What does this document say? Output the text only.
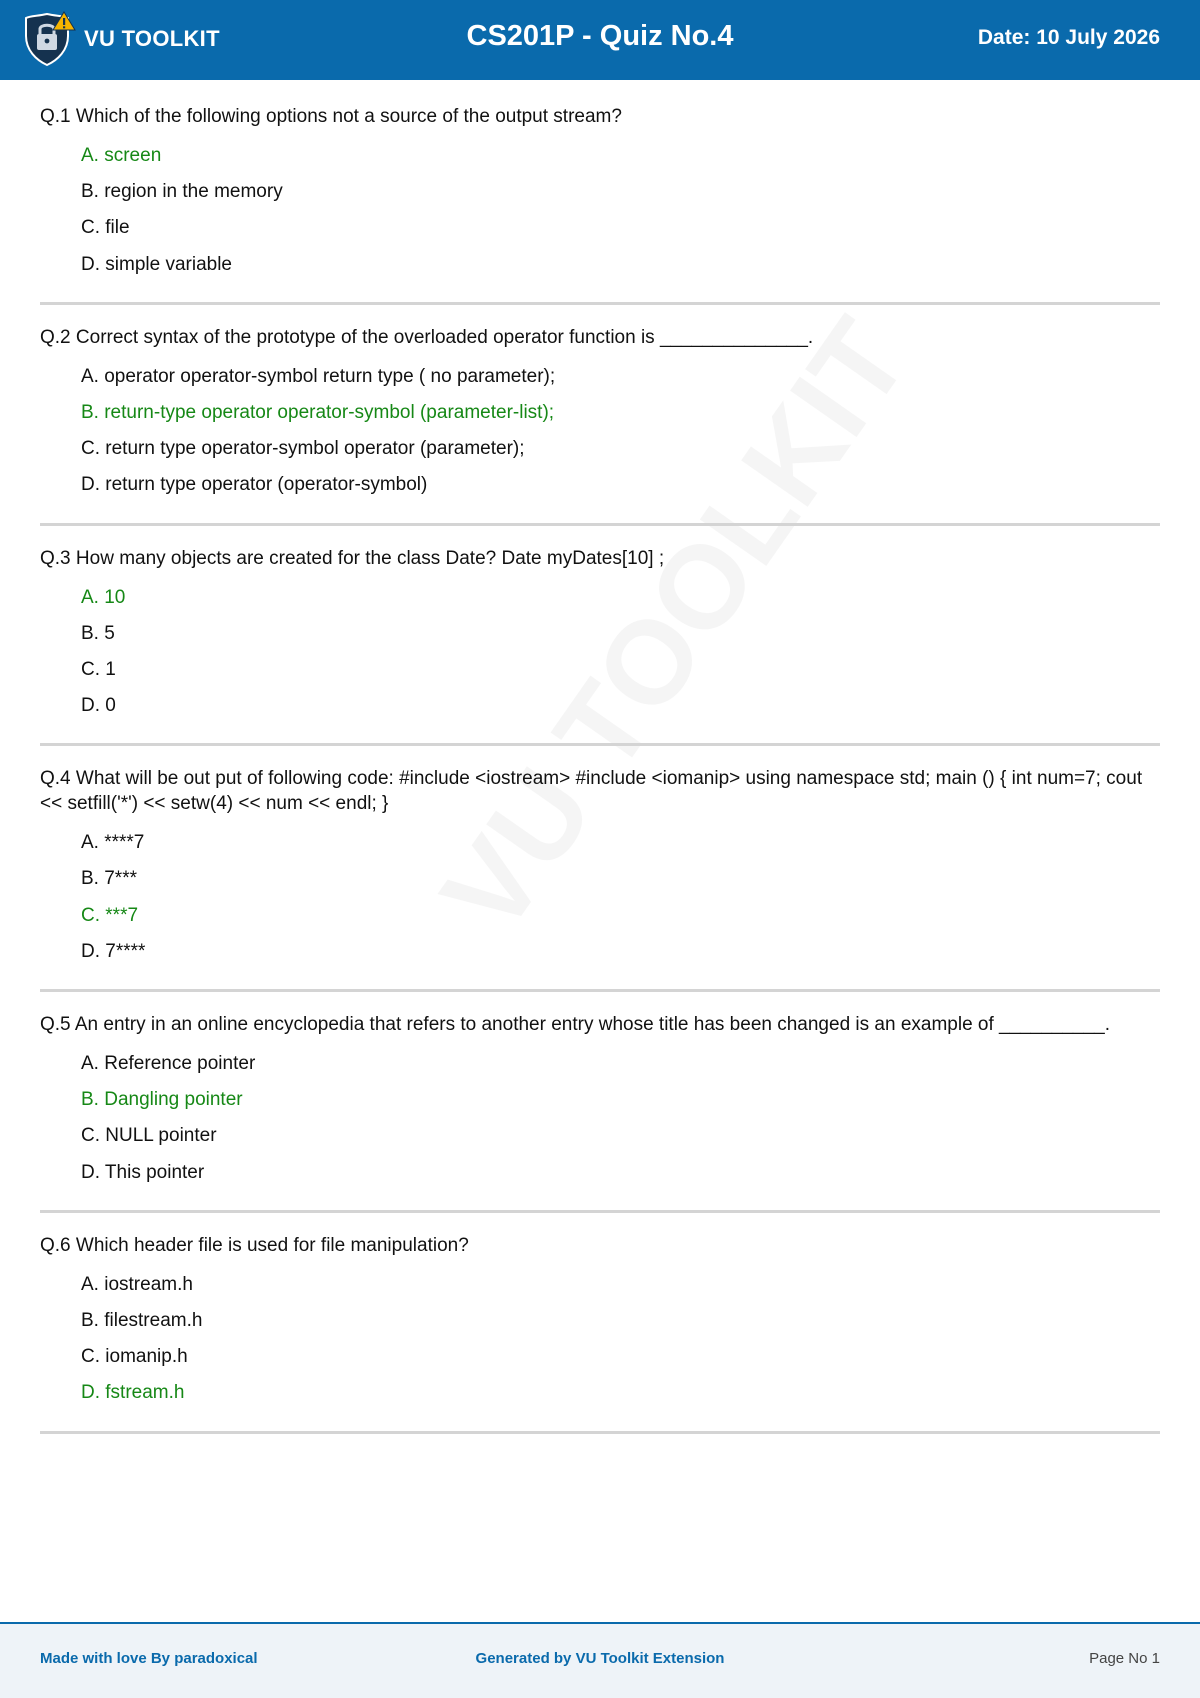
VU TOOLKIT	CS201P - Quiz No.4	Date: 10 July 2026
Q.1 Which of the following options not a source of the output stream?
A. screen
B. region in the memory
C. file
D. simple variable
Q.2 Correct syntax of the prototype of the overloaded operator function is ______________.
A. operator operator-symbol return type ( no parameter);
B. return-type operator operator-symbol (parameter-list);
C. return type operator-symbol operator (parameter);
D. return type operator (operator-symbol)
Q.3 How many objects are created for the class Date? Date myDates[10] ;
A. 10
B. 5
C. 1
D. 0
Q.4 What will be out put of following code: #include <iostream> #include <iomanip> using namespace std; main () { int num=7; cout << setfill('*') << setw(4) << num << endl; }
A. ****7
B. 7***
C. ***7
D. 7****
Q.5 An entry in an online encyclopedia that refers to another entry whose title has been changed is an example of __________.
A. Reference pointer
B. Dangling pointer
C. NULL pointer
D. This pointer
Q.6 Which header file is used for file manipulation?
A. iostream.h
B. filestream.h
C. iomanip.h
D. fstream.h
Made with love By paradoxical	Generated by VU Toolkit Extension	Page No 1
